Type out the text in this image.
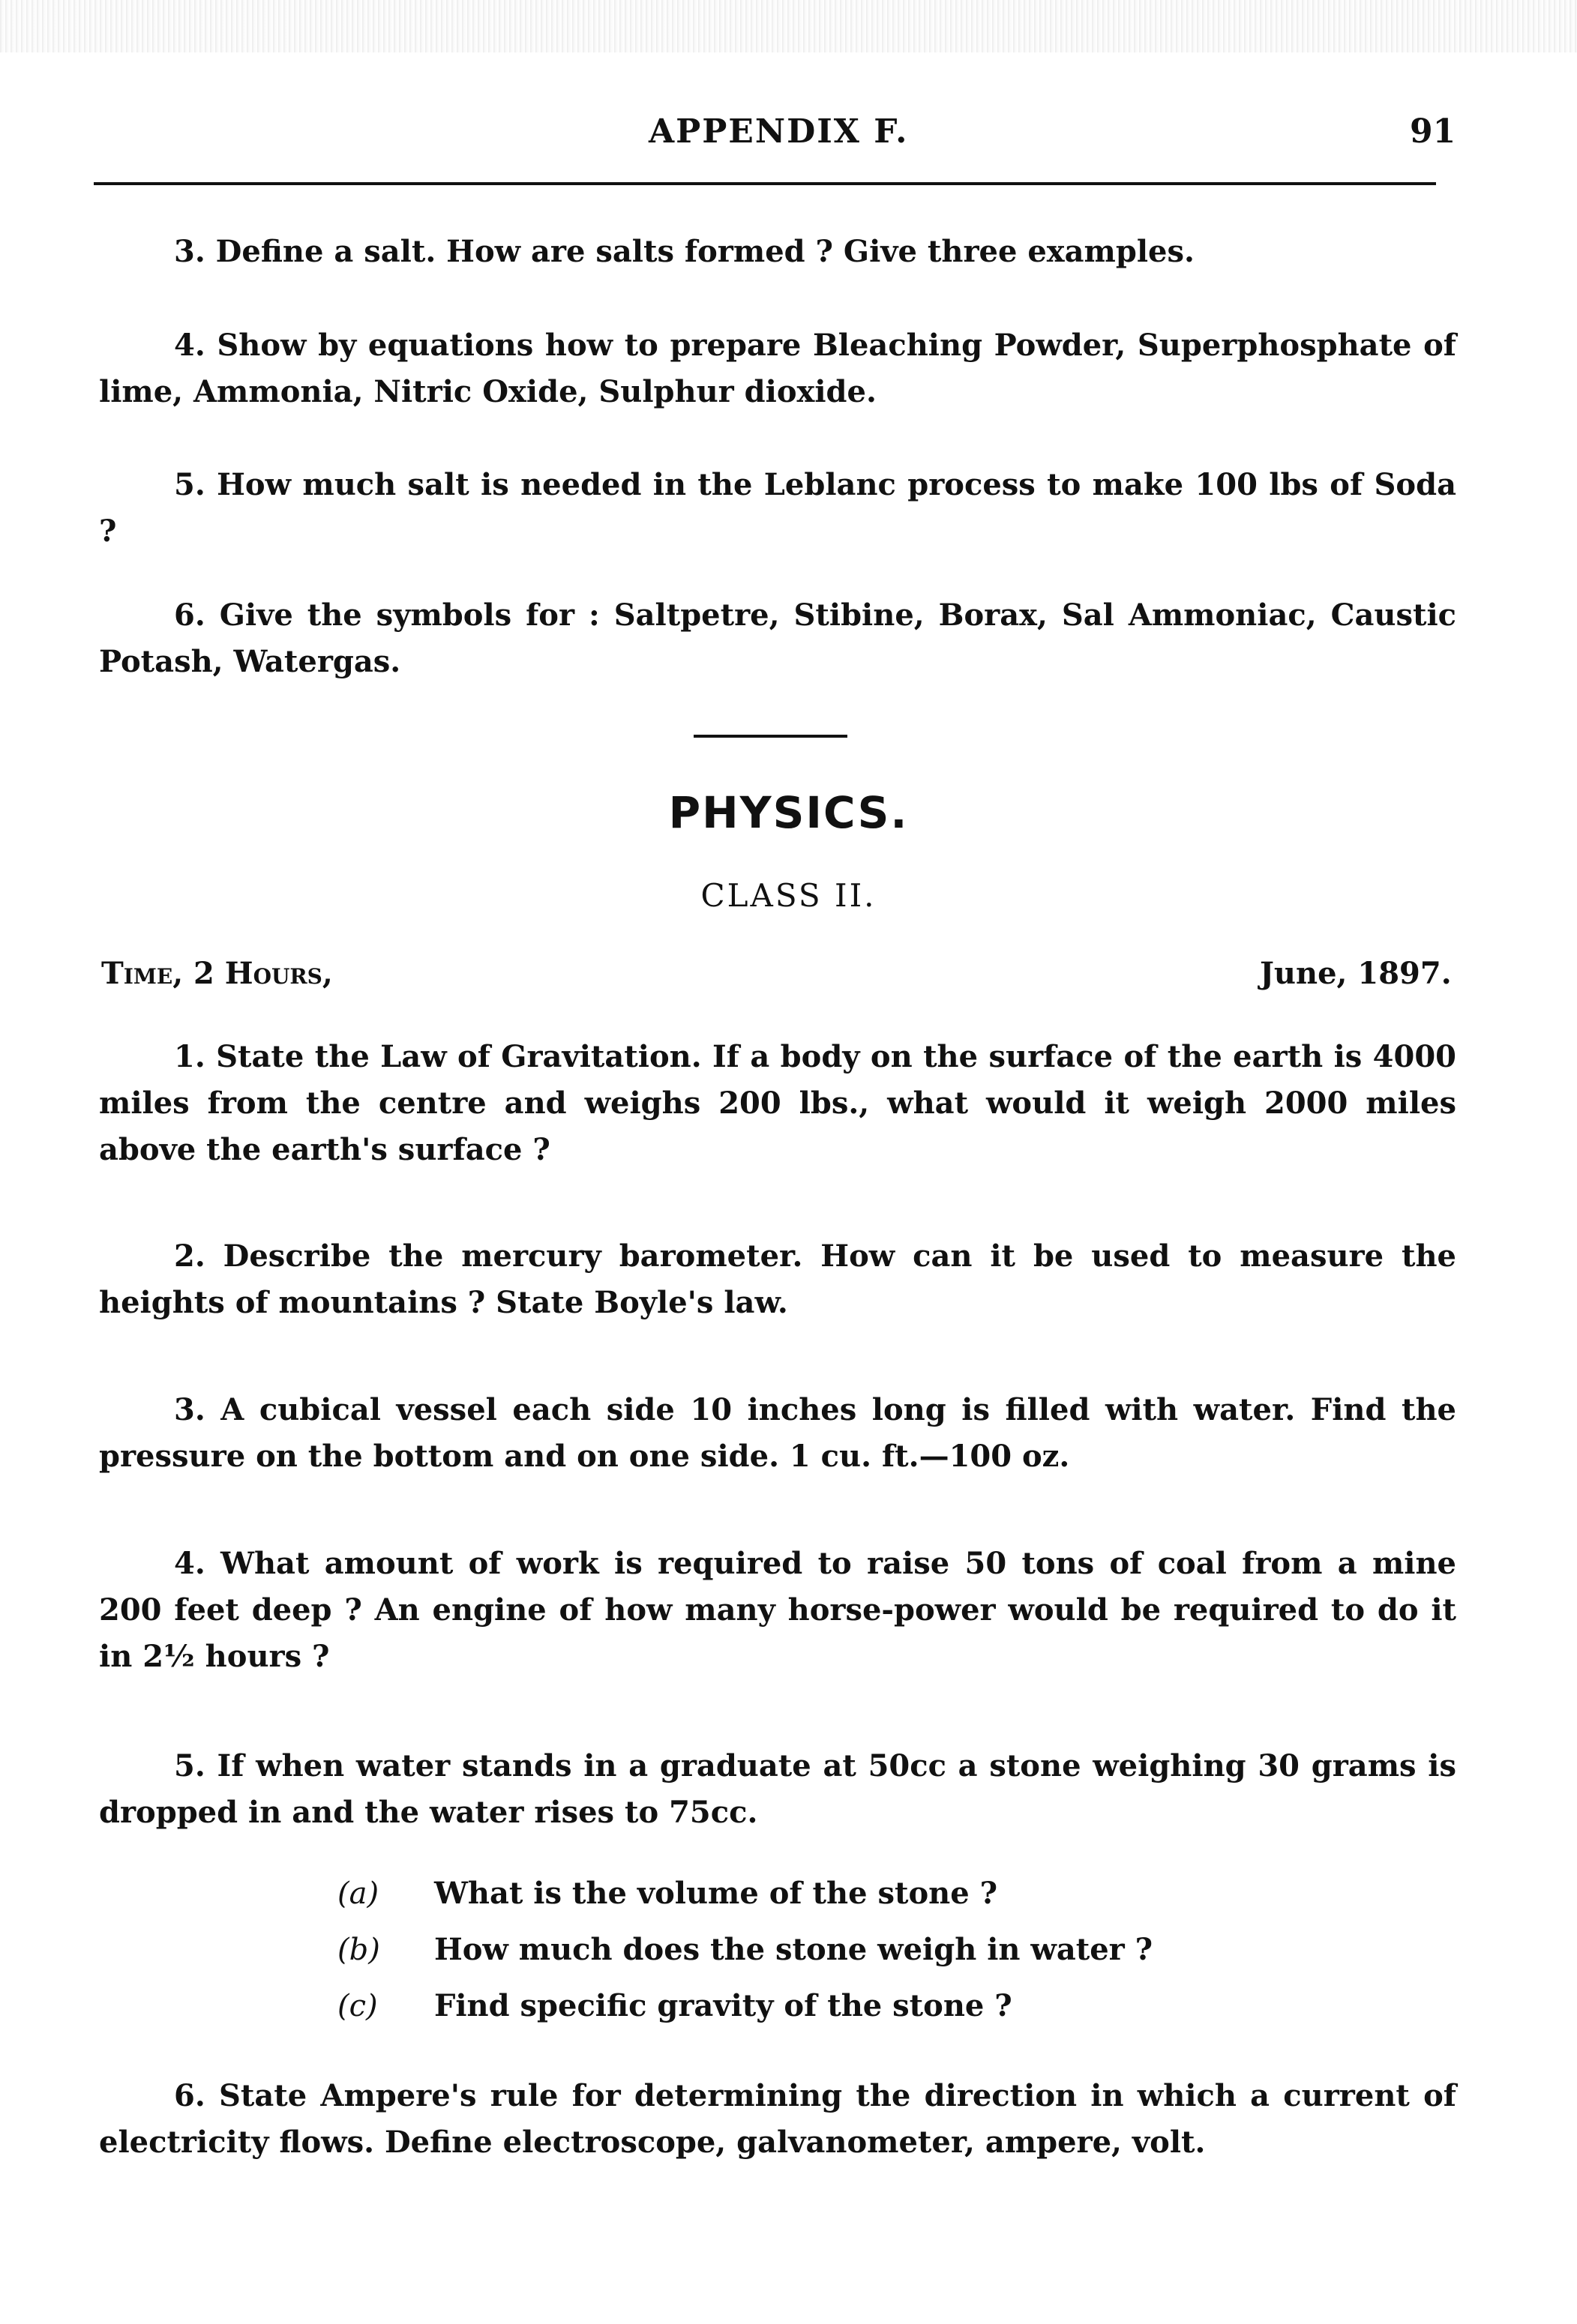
APPENDIX F.	91

3. Define a salt. How are salts formed ? Give three examples.

4. Show by equations how to prepare Bleaching Powder, Superphosphate of lime, Ammonia, Nitric Oxide, Sulphur dioxide.

5. How much salt is needed in the Leblanc process to make 100 lbs of Soda ?

6. Give the symbols for : Saltpetre, Stibine, Borax, Sal Ammoniac, Caustic Potash, Watergas.

PHYSICS.
CLASS II.
Time, 2 Hours,	June, 1897.

1. State the Law of Gravitation. If a body on the surface of the earth is 4000 miles from the centre and weighs 200 lbs., what would it weigh 2000 miles above the earth's surface ?

2. Describe the mercury barometer. How can it be used to measure the heights of mountains ? State Boyle's law.

3. A cubical vessel each side 10 inches long is filled with water. Find the pressure on the bottom and on one side. 1 cu. ft.—100 oz.

4. What amount of work is required to raise 50 tons of coal from a mine 200 feet deep ? An engine of how many horse-power would be required to do it in 2½ hours ?

5. If when water stands in a graduate at 50cc a stone weighing 30 grams is dropped in and the water rises to 75cc.

(a) What is the volume of the stone ?
(b) How much does the stone weigh in water ?
(c) Find specific gravity of the stone ?

6. State Ampere's rule for determining the direction in which a current of electricity flows. Define electroscope, galvanometer, ampere, volt.
